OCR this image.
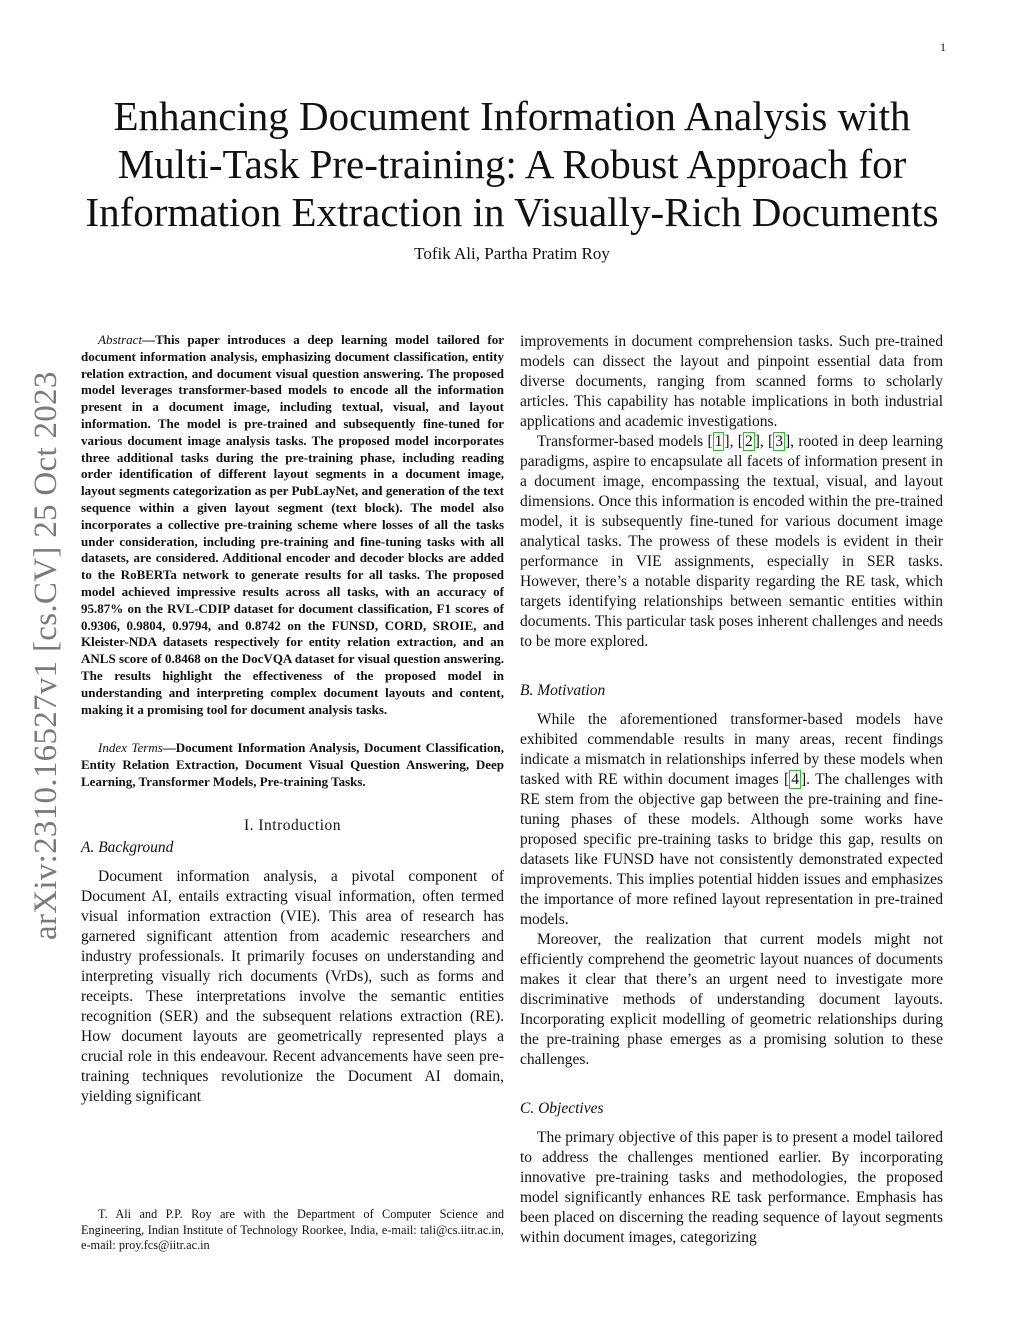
1
arXiv:2310.16527v1 [cs.CV] 25 Oct 2023
Enhancing Document Information Analysis with Multi-Task Pre-training: A Robust Approach for Information Extraction in Visually-Rich Documents
Tofik Ali, Partha Pratim Roy

Abstract—This paper introduces a deep learning model tailored for document information analysis, emphasizing document classification, entity relation extraction, and document visual question answering. The proposed model leverages transformer-based models to encode all the information present in a document image, including textual, visual, and layout information. The model is pre-trained and subsequently fine-tuned for various document image analysis tasks. The proposed model incorporates three additional tasks during the pre-training phase, including reading order identification of different layout segments in a document image, layout segments categorization as per PubLayNet, and generation of the text sequence within a given layout segment (text block). The model also incorporates a collective pre-training scheme where losses of all the tasks under consideration, including pre-training and fine-tuning tasks with all datasets, are considered. Additional encoder and decoder blocks are added to the RoBERTa network to generate results for all tasks. The proposed model achieved impressive results across all tasks, with an accuracy of 95.87% on the RVL-CDIP dataset for document classification, F1 scores of 0.9306, 0.9804, 0.9794, and 0.8742 on the FUNSD, CORD, SROIE, and Kleister-NDA datasets respectively for entity relation extraction, and an ANLS score of 0.8468 on the DocVQA dataset for visual question answering. The results highlight the effectiveness of the proposed model in understanding and interpreting complex document layouts and content, making it a promising tool for document analysis tasks.

Index Terms—Document Information Analysis, Document Classification, Entity Relation Extraction, Document Visual Question Answering, Deep Learning, Transformer Models, Pre-training Tasks.

I. Introduction
A. Background

Document information analysis, a pivotal component of Document AI, entails extracting visual information, often termed visual information extraction (VIE). This area of research has garnered significant attention from academic researchers and industry professionals. It primarily focuses on understanding and interpreting visually rich documents (VrDs), such as forms and receipts. These interpretations involve the semantic entities recognition (SER) and the subsequent relations extraction (RE). How document layouts are geometrically represented plays a crucial role in this endeavour. Recent advancements have seen pre-training techniques revolutionize the Document AI domain, yielding significant

T. Ali and P.P. Roy are with the Department of Computer Science and Engineering, Indian Institute of Technology Roorkee, India, e-mail: tali@cs.iitr.ac.in, e-mail: proy.fcs@iitr.ac.in

improvements in document comprehension tasks. Such pre-trained models can dissect the layout and pinpoint essential data from diverse documents, ranging from scanned forms to scholarly articles. This capability has notable implications in both industrial applications and academic investigations.

Transformer-based models [ 1 ], [ 2 ], [ 3 ], rooted in deep learning paradigms, aspire to encapsulate all facets of information present in a document image, encompassing the textual, visual, and layout dimensions. Once this information is encoded within the pre-trained model, it is subsequently fine-tuned for various document image analytical tasks. The prowess of these models is evident in their performance in VIE assignments, especially in SER tasks. However, there’s a notable disparity regarding the RE task, which targets identifying relationships between semantic entities within documents. This particular task poses inherent challenges and needs to be more explored.

B. Motivation

While the aforementioned transformer-based models have exhibited commendable results in many areas, recent findings indicate a mismatch in relationships inferred by these models when tasked with RE within document images [ 4 ]. The challenges with RE stem from the objective gap between the pre-training and fine-tuning phases of these models. Although some works have proposed specific pre-training tasks to bridge this gap, results on datasets like FUNSD have not consistently demonstrated expected improvements. This implies potential hidden issues and emphasizes the importance of more refined layout representation in pre-trained models.

Moreover, the realization that current models might not efficiently comprehend the geometric layout nuances of documents makes it clear that there’s an urgent need to investigate more discriminative methods of understanding document layouts. Incorporating explicit modelling of geometric relationships during the pre-training phase emerges as a promising solution to these challenges.

C. Objectives

The primary objective of this paper is to present a model tailored to address the challenges mentioned earlier. By incorporating innovative pre-training tasks and methodologies, the proposed model significantly enhances RE task performance. Emphasis has been placed on discerning the reading sequence of layout segments within document images, categorizing
